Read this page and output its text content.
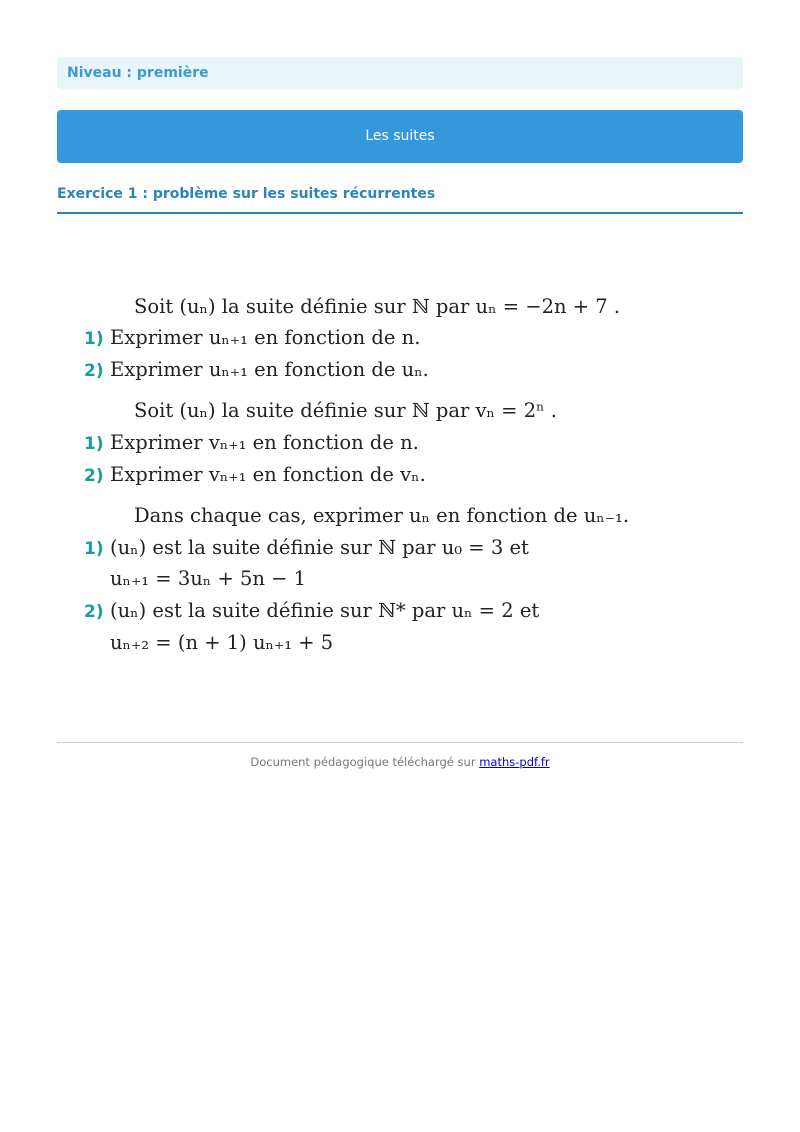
Niveau : première
Les suites
Exercice 1 : problème sur les suites récurrentes
Soit (uₙ) la suite définie sur ℕ par uₙ = −2n + 7 .
1) Exprimer uₙ₊₁ en fonction de n.
2) Exprimer uₙ₊₁ en fonction de uₙ.
Soit (uₙ) la suite définie sur ℕ par vₙ = 2ⁿ .
1) Exprimer vₙ₊₁ en fonction de n.
2) Exprimer vₙ₊₁ en fonction de vₙ.
Dans chaque cas, exprimer uₙ en fonction de uₙ₋₁.
1) (uₙ) est la suite définie sur ℕ par u₀ = 3 et
uₙ₊₁ = 3uₙ + 5n − 1
2) (uₙ) est la suite définie sur ℕ* par uₙ = 2 et
uₙ₊₂ = (n + 1) uₙ₊₁ + 5
Document pédagogique téléchargé sur maths-pdf.fr
